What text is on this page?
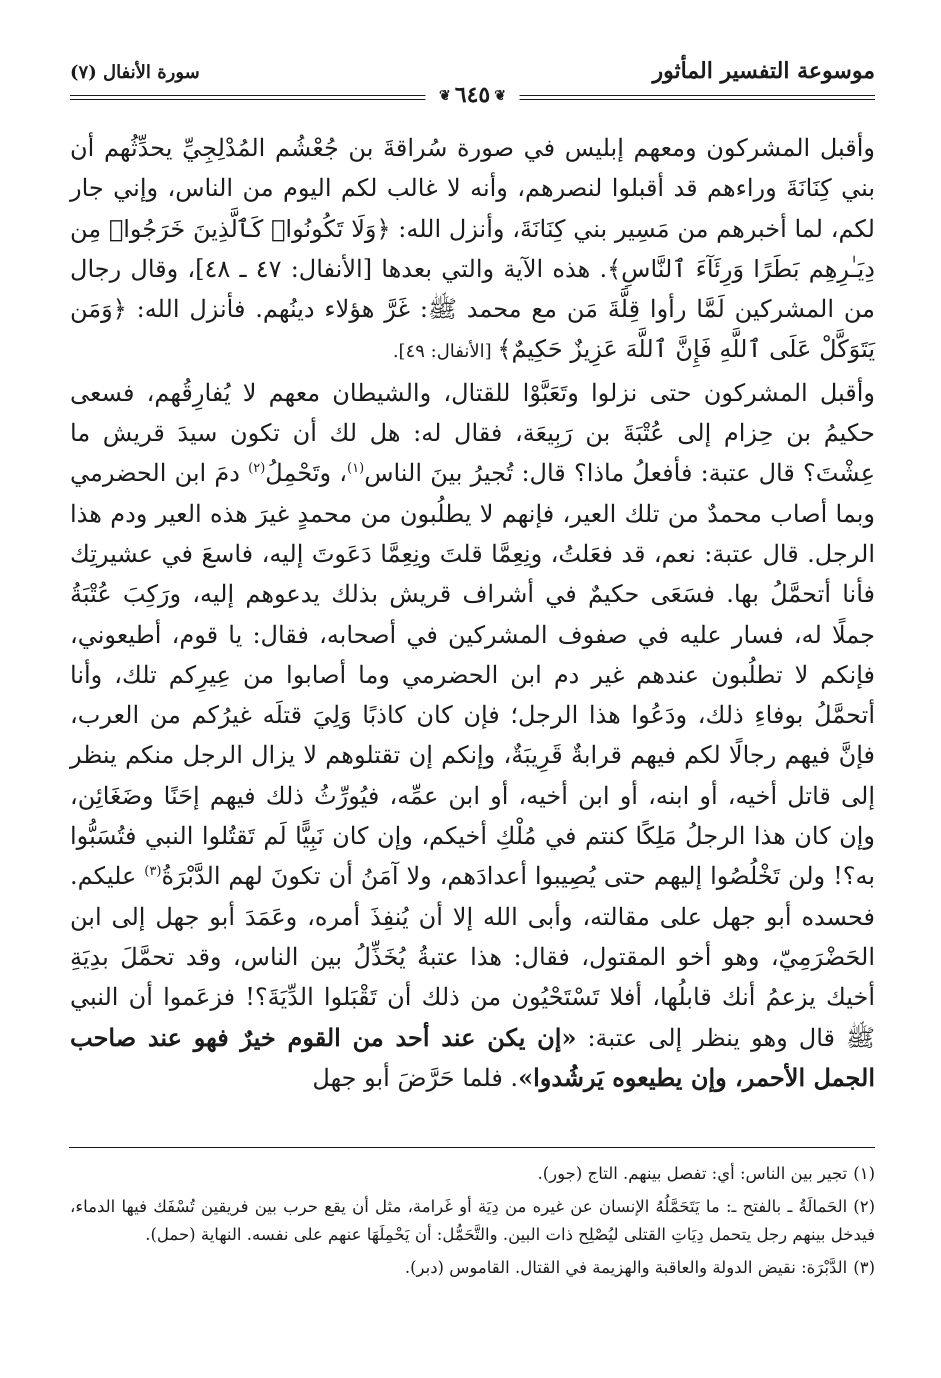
موسوعة التفسير المأثور
سورة الأنفال (٧)
❦٦٤٥❦

وأقبل المشركون ومعهم إبليس في صورة سُراقةَ بن جُعْشُم المُدْلِجِيِّ يحدِّثُهم أن بني كِنَانَةَ وراءهم قد أقبلوا لنصرهم، وأنه لا غالب لكم اليوم من الناس، وإني جار لكم، لما أخبرهم من مَسِير بني كِنَانَةَ، وأنزل الله: ﴿وَلَا تَكُونُوا۟ كَٱلَّذِينَ خَرَجُوا۟ مِن دِيَـٰرِهِم بَطَرًا وَرِئَآءَ ٱلنَّاسِ﴾. هذه الآية والتي بعدها [الأنفال: ٤٧ ـ ٤٨]، وقال رجال من المشركين لَمَّا رأوا قِلَّةَ مَن مع محمد ﷺ: غَرَّ هؤلاء دينُهم. فأنزل الله: ﴿وَمَن يَتَوَكَّلْ عَلَى ٱللَّهِ فَإِنَّ ٱللَّهَ عَزِيزٌ حَكِيمٌ﴾ [الأنفال: ٤٩].

وأقبل المشركون حتى نزلوا وتَعَبَّوْا للقتال، والشيطان معهم لا يُفارِقُهم، فسعى حكيمُ بن حِزام إلى عُتْبَةَ بن رَبِيعَة، فقال له: هل لك أن تكون سيدَ قريش ما عِشْتَ؟ قال عتبة: فأفعلُ ماذا؟ قال: تُجيرُ بينَ الناس$^{(١)}$، وتَحْمِلُ$^{(٢)}$ دمَ ابن الحضرمي وبما أصاب محمدٌ من تلك العير، فإنهم لا يطلُبون من محمدٍ غيرَ هذه العير ودم هذا الرجل. قال عتبة: نعم، قد فعَلتُ، ونِعِمَّا قلتَ ونِعِمَّا دَعَوتَ إليه، فاسعَ في عشيرتِك فأنا أتحمَّلُ بها. فسَعَى حكيمٌ في أشراف قريش بذلك يدعوهم إليه، ورَكِبَ عُتْبَةُ جملًا له، فسار عليه في صفوف المشركين في أصحابه، فقال: يا قوم، أطيعوني، فإنكم لا تطلُبون عندهم غير دم ابن الحضرمي وما أصابوا من عِيرِكم تلك، وأنا أتحمَّلُ بوفاءِ ذلك، ودَعُوا هذا الرجل؛ فإن كان كاذبًا وَلِيَ قتلَه غيرُكم من العرب، فإنَّ فيهم رجالًا لكم فيهم قرابةٌ قَرِيبَةٌ، وإنكم إن تقتلوهم لا يزال الرجل منكم ينظر إلى قاتل أخيه، أو ابنه، أو ابن أخيه، أو ابن عمِّه، فيُورِّثُ ذلك فيهم إحَنًا وضَغَائِن، وإن كان هذا الرجلُ مَلِكًا كنتم في مُلْكِ أخيكم، وإن كان نَبِيًّا لَم تَقتُلوا النبي فتُسَبُّوا به؟! ولن تَخْلُصُوا إليهم حتى يُصِيبوا أعدادَهم، ولا آمَنُ أن تكونَ لهم الدَّبْرَةُ$^{(٣)}$ عليكم. فحسده أبو جهل على مقالته، وأبى الله إلا أن يُنفِذَ أمره، وعَمَدَ أبو جهل إلى ابن الحَضْرَمِيّ، وهو أخو المقتول، فقال: هذا عتبةُ يُخَذِّلُ بين الناس، وقد تحمَّلَ بدِيَةِ أخيك يزعمُ أنك قابلُها، أفلا تَسْتَحْيُون من ذلك أن تَقْبَلوا الدِّيَةَ؟! فزعَموا أن النبي ﷺ قال وهو ينظر إلى عتبة: «إن يكن عند أحد من القوم خيرٌ فهو عند صاحب الجمل الأحمر، وإن يطيعوه يَرشُدوا». فلما حَرَّضَ أبو جهل

(١)تجير بين الناس: أي: تفصل بينهم. التاج (جور).

(٢)الحَمالَةُ ـ بالفتح ـ: ما يَتَحَمَّلُهُ الإنسان عن غيره من دِيَة أو غَرامة، مثل أن يقع حرب بين فريقين تُسْفَك فيها الدماء، فيدخل بينهم رجل يتحمل دِيَاتِ القتلى ليُصْلِح ذات البين. والتَّحَمُّل: أن يَحْمِلَهَا عنهم على نفسه. النهاية (حمل).

(٣)الدَّبْرَة: نقيض الدولة والعاقبة والهزيمة في القتال. القاموس (دبر).
